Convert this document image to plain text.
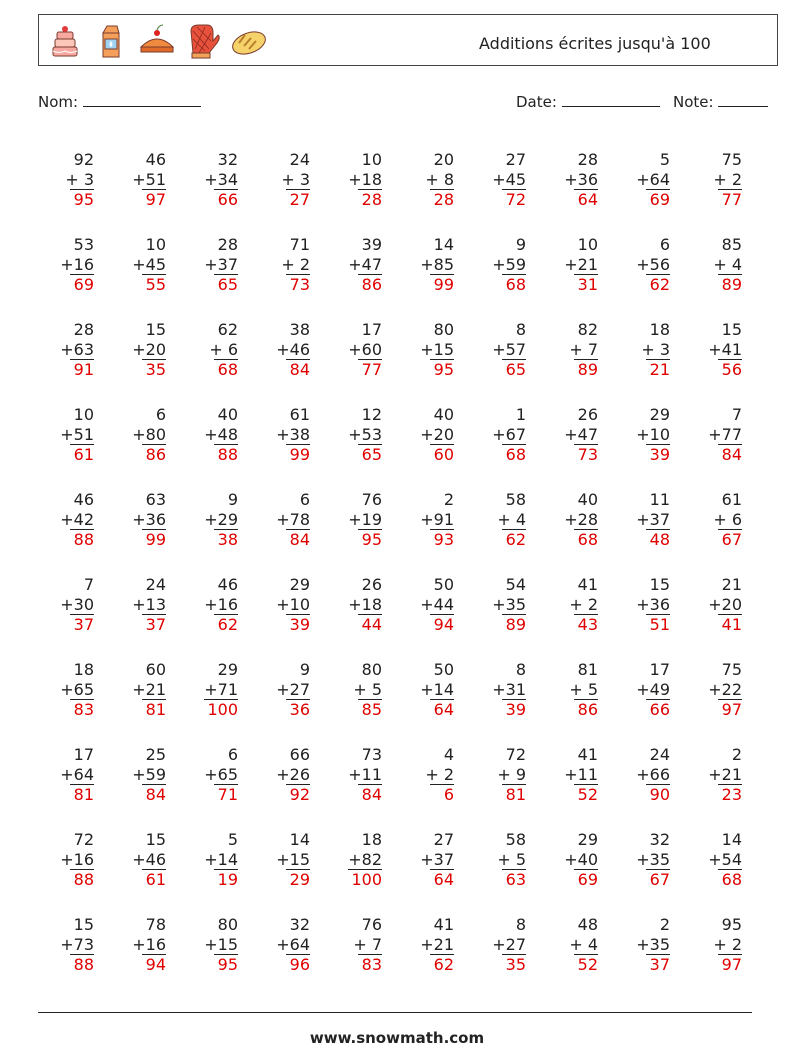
Additions écrites jusqu'à 100
Nom:	Date:	Note:
92
+ 3
95
46
+51
97
32
+34
66
24
+ 3
27
10
+18
28
20
+ 8
28
27
+45
72
28
+36
64
5
+64
69
75
+ 2
77
53
+16
69
10
+45
55
28
+37
65
71
+ 2
73
39
+47
86
14
+85
99
9
+59
68
10
+21
31
6
+56
62
85
+ 4
89
28
+63
91
15
+20
35
62
+ 6
68
38
+46
84
17
+60
77
80
+15
95
8
+57
65
82
+ 7
89
18
+ 3
21
15
+41
56
10
+51
61
6
+80
86
40
+48
88
61
+38
99
12
+53
65
40
+20
60
1
+67
68
26
+47
73
29
+10
39
7
+77
84
46
+42
88
63
+36
99
9
+29
38
6
+78
84
76
+19
95
2
+91
93
58
+ 4
62
40
+28
68
11
+37
48
61
+ 6
67
7
+30
37
24
+13
37
46
+16
62
29
+10
39
26
+18
44
50
+44
94
54
+35
89
41
+ 2
43
15
+36
51
21
+20
41
18
+65
83
60
+21
81
29
+71
100
9
+27
36
80
+ 5
85
50
+14
64
8
+31
39
81
+ 5
86
17
+49
66
75
+22
97
17
+64
81
25
+59
84
6
+65
71
66
+26
92
73
+11
84
4
+ 2
6
72
+ 9
81
41
+11
52
24
+66
90
2
+21
23
72
+16
88
15
+46
61
5
+14
19
14
+15
29
18
+82
100
27
+37
64
58
+ 5
63
29
+40
69
32
+35
67
14
+54
68
15
+73
88
78
+16
94
80
+15
95
32
+64
96
76
+ 7
83
41
+21
62
8
+27
35
48
+ 4
52
2
+35
37
95
+ 2
97
www.snowmath.com
